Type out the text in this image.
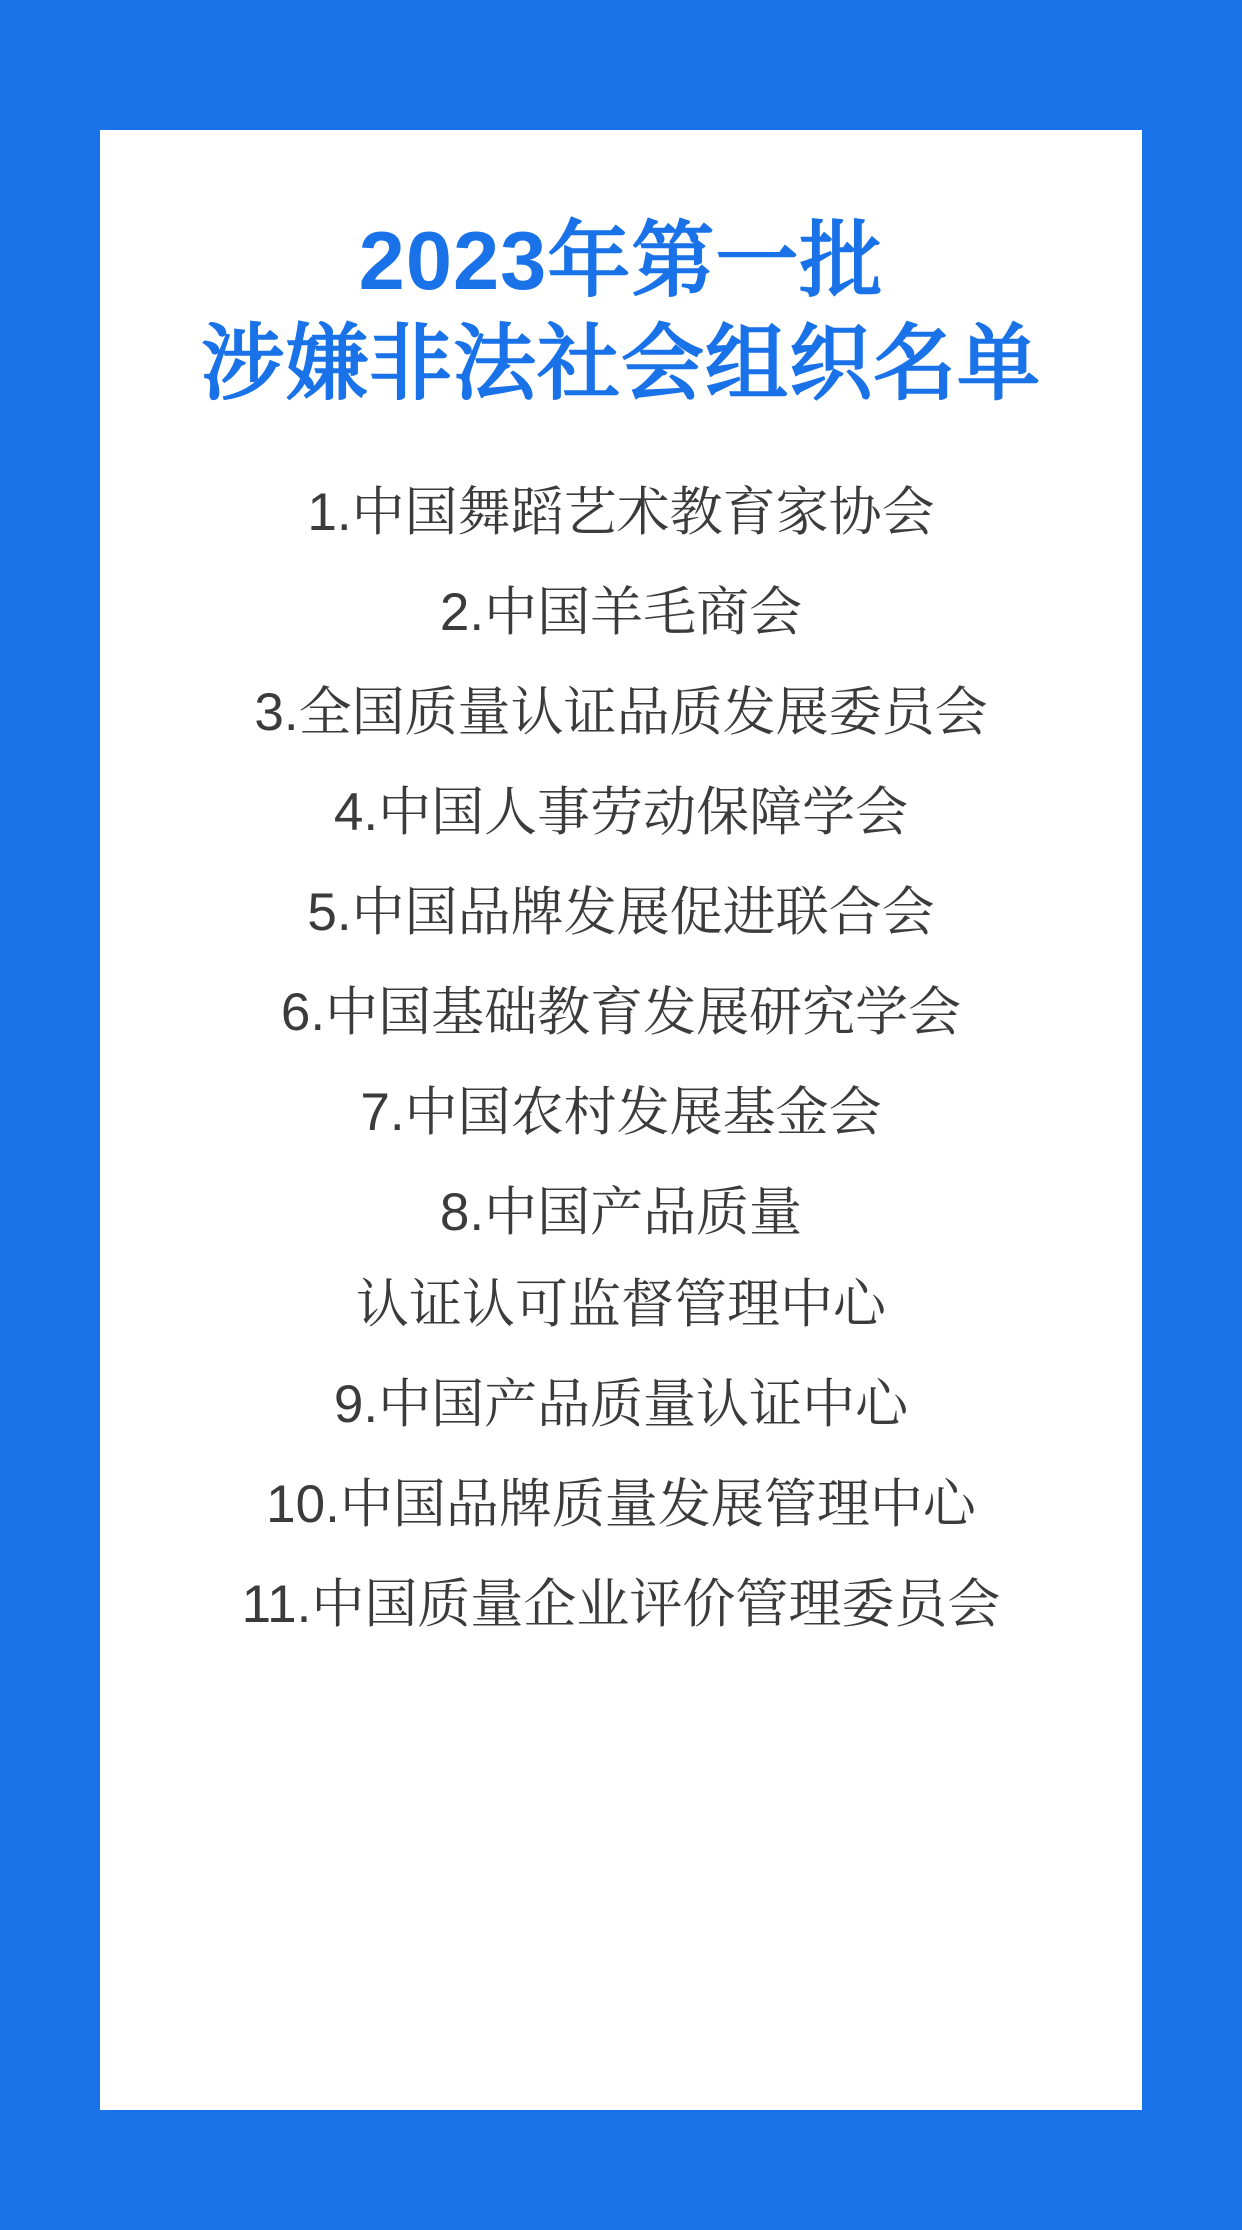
2023年第一批
涉嫌非法社会组织名单
1.中国舞蹈艺术教育家协会
2.中国羊毛商会
3.全国质量认证品质发展委员会
4.中国人事劳动保障学会
5.中国品牌发展促进联合会
6.中国基础教育发展研究学会
7.中国农村发展基金会
8.中国产品质量
认证认可监督管理中心
9.中国产品质量认证中心
10.中国品牌质量发展管理中心
11.中国质量企业评价管理委员会
